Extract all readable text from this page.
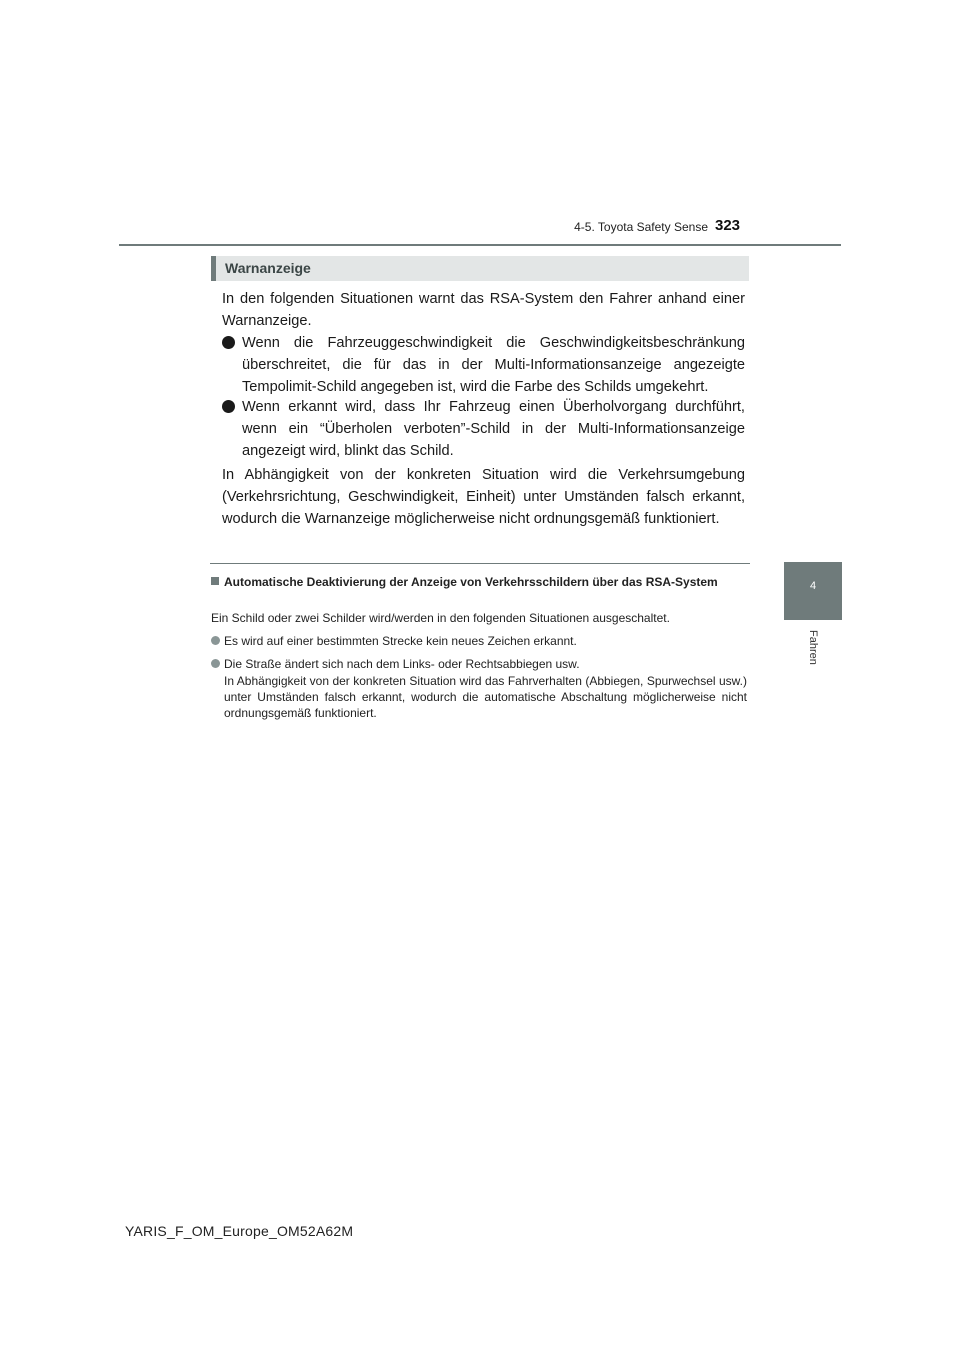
4-5. Toyota Safety Sense 323
4
Fahren
Warnanzeige
In den folgenden Situationen warnt das RSA-System den Fahrer anhand einer Warnanzeige.
Wenn die Fahrzeuggeschwindigkeit die Geschwindigkeitsbeschränkung überschreitet, die für das in der Multi-Informationsanzeige angezeigte Tempolimit-Schild angegeben ist, wird die Farbe des Schilds umgekehrt.
Wenn erkannt wird, dass Ihr Fahrzeug einen Überholvorgang durchführt, wenn ein “Überholen verboten”-Schild in der Multi-Informationsanzeige angezeigt wird, blinkt das Schild.
In Abhängigkeit von der konkreten Situation wird die Verkehrsumgebung (Verkehrsrichtung, Geschwindigkeit, Einheit) unter Umständen falsch erkannt, wodurch die Warnanzeige möglicherweise nicht ordnungsgemäß funktioniert.
Automatische Deaktivierung der Anzeige von Verkehrsschildern über das RSA-System
Ein Schild oder zwei Schilder wird/werden in den folgenden Situationen ausgeschaltet.
Es wird auf einer bestimmten Strecke kein neues Zeichen erkannt.
Die Straße ändert sich nach dem Links- oder Rechtsabbiegen usw.
In Abhängigkeit von der konkreten Situation wird das Fahrverhalten (Abbiegen, Spurwechsel usw.) unter Umständen falsch erkannt, wodurch die automatische Abschaltung möglicherweise nicht ordnungsgemäß funktioniert.
YARIS_F_OM_Europe_OM52A62M
